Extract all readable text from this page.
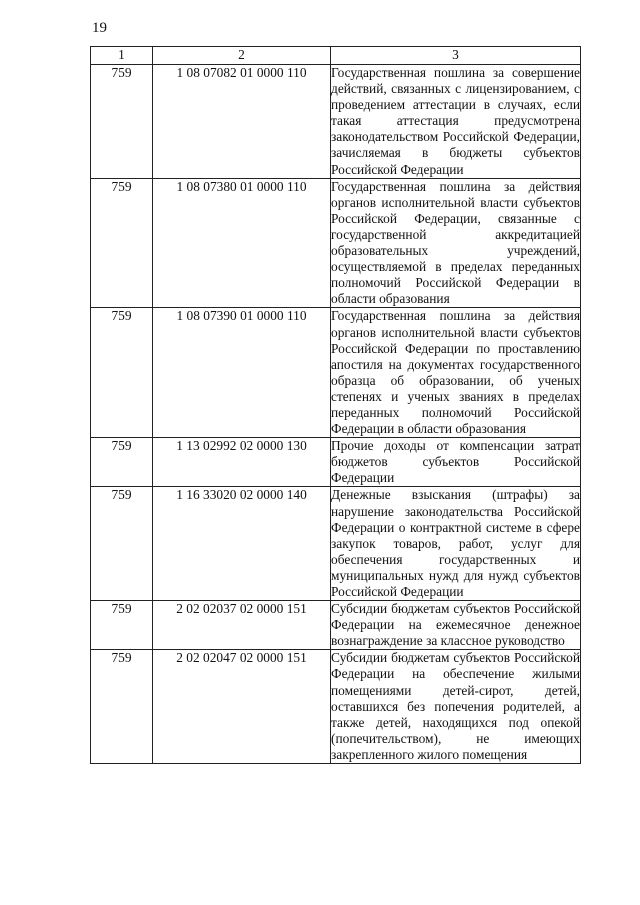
19
1	2	3
759	1 08 07082 01 0000 110	Государственная пошлина за совершение действий, связанных с лицензированием, с проведением аттестации в случаях, если такая аттестация предусмотрена законодательством Российской Федерации, зачисляемая в бюджеты субъектов Российской Федерации
759	1 08 07380 01 0000 110	Государственная пошлина за действия органов исполнительной власти субъектов Российской Федерации, связанные с государственной аккредитацией образовательных учреждений, осуществляемой в пределах переданных полномочий Российской Федерации в области образования
759	1 08 07390 01 0000 110	Государственная пошлина за действия органов исполнительной власти субъектов Российской Федерации по проставлению апостиля на документах государственного образца об образовании, об ученых степенях и ученых званиях в пределах переданных полномочий Российской Федерации в области образования
759	1 13 02992 02 0000 130	Прочие доходы от компенсации затрат бюджетов субъектов Российской Федерации
759	1 16 33020 02 0000 140	Денежные взыскания (штрафы) за нарушение законодательства Российской Федерации о контрактной системе в сфере закупок товаров, работ, услуг для обеспечения государственных и муниципальных нужд для нужд субъектов Российской Федерации
759	2 02 02037 02 0000 151	Субсидии бюджетам субъектов Российской Федерации на ежемесячное денежное вознаграждение за классное руководство
759	2 02 02047 02 0000 151	Субсидии бюджетам субъектов Российской Федерации на обеспечение жилыми помещениями детей-сирот, детей, оставшихся без попечения родителей, а также детей, находящихся под опекой (попечительством), не имеющих закрепленного жилого помещения
